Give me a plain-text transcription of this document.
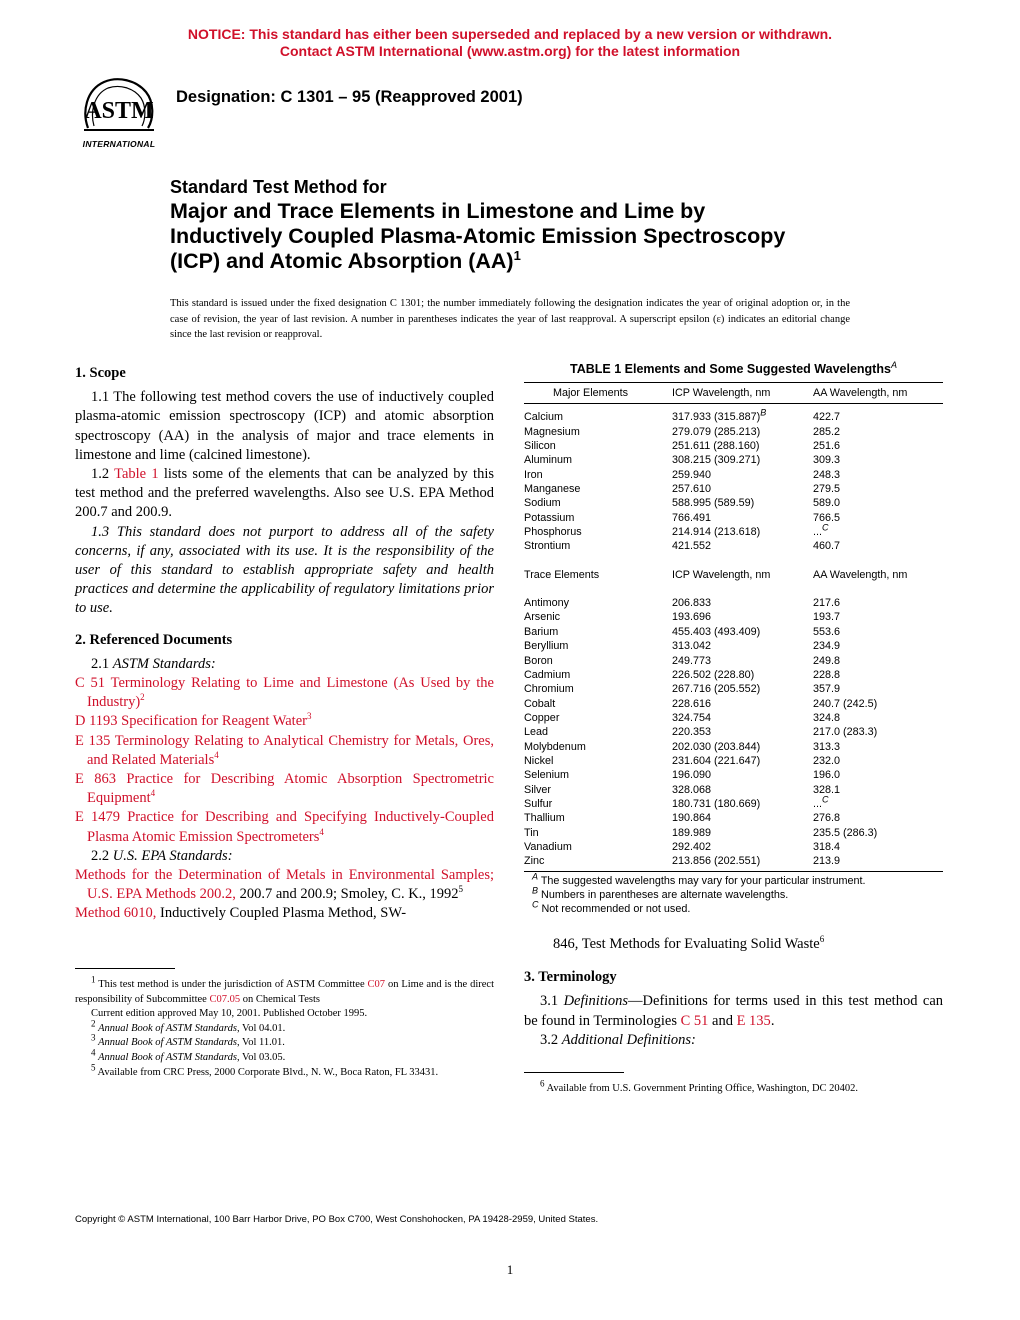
NOTICE: This standard has either been superseded and replaced by a new version or withdrawn.
Contact ASTM International (www.astm.org) for the latest information
ASTM
INTERNATIONAL
Designation: C 1301 – 95 (Reapproved 2001)
Standard Test Method for
Major and Trace Elements in Limestone and Lime by
Inductively Coupled Plasma-Atomic Emission Spectroscopy
(ICP) and Atomic Absorption (AA)$^1$
This standard is issued under the fixed designation C 1301; the number immediately following the designation indicates the year of original adoption or, in the case of revision, the year of last revision. A number in parentheses indicates the year of last reapproval. A superscript epsilon (ε) indicates an editorial change since the last revision or reapproval.

1. Scope

1.1 The following test method covers the use of inductively coupled plasma-atomic emission spectroscopy (ICP) and atomic absorption spectroscopy (AA) in the analysis of major and trace elements in limestone and lime (calcined limestone).

1.2 Table 1 lists some of the elements that can be analyzed by this test method and the preferred wavelengths. Also see U.S. EPA Method 200.7 and 200.9.

1.3 This standard does not purport to address all of the safety concerns, if any, associated with its use. It is the responsibility of the user of this standard to establish appropriate safety and health practices and determine the applicability of regulatory limitations prior to use.

2. Referenced Documents

2.1 ASTM Standards:

C 51 Terminology Relating to Lime and Limestone (As Used by the Industry)$^2$

D 1193 Specification for Reagent Water$^3$

E 135 Terminology Relating to Analytical Chemistry for Metals, Ores, and Related Materials$^4$

E 863 Practice for Describing Atomic Absorption Spectrometric Equipment$^4$

E 1479 Practice for Describing and Specifying Inductively-Coupled Plasma Atomic Emission Spectrometers$^4$

2.2 U.S. EPA Standards:

Methods for the Determination of Metals in Environmental Samples; U.S. EPA Methods 200.2, 200.7 and 200.9; Smoley, C. K., 1992$^5$

Method 6010, Inductively Coupled Plasma Method, SW-

$^1$ This test method is under the jurisdiction of ASTM Committee C07 on Lime and is the direct responsibility of Subcommittee C07.05 on Chemical Tests

Current edition approved May 10, 2001. Published October 1995.

$^2$ Annual Book of ASTM Standards, Vol 04.01.

$^3$ Annual Book of ASTM Standards, Vol 11.01.

$^4$ Annual Book of ASTM Standards, Vol 03.05.

$^5$ Available from CRC Press, 2000 Corporate Blvd., N. W., Boca Raton, FL 33431.

TABLE 1 Elements and Some Suggested Wavelengths$^A$
Major Elements	ICP Wavelength, nm	AA Wavelength, nm
Calcium	317.933 $(315.887)^B$	422.7
Magnesium	279.079 (285.213)	285.2
Silicon	251.611 (288.160)	251.6
Aluminum	308.215 (309.271)	309.3
Iron	259.940	248.3
Manganese	257.610	279.5
Sodium	588.995 (589.59)	589.0
Potassium	766.491	766.5
Phosphorus	214.914 (213.618)	...$^C$
Strontium	421.552	460.7

Trace Elements	ICP Wavelength, nm	AA Wavelength, nm

Antimony	206.833	217.6
Arsenic	193.696	193.7
Barium	455.403 (493.409)	553.6
Beryllium	313.042	234.9
Boron	249.773	249.8
Cadmium	226.502 (228.80)	228.8
Chromium	267.716 (205.552)	357.9
Cobalt	228.616	240.7 (242.5)
Copper	324.754	324.8
Lead	220.353	217.0 (283.3)
Molybdenum	202.030 (203.844)	313.3
Nickel	231.604 (221.647)	232.0
Selenium	196.090	196.0
Silver	328.068	328.1
Sulfur	180.731 (180.669)	...$^C$
Thallium	190.864	276.8
Tin	189.989	235.5 (286.3)
Vanadium	292.402	318.4
Zinc	213.856 (202.551)	213.9

$^A$ The suggested wavelengths may vary for your particular instrument.

$^B$ Numbers in parentheses are alternate wavelengths.

$^C$ Not recommended or not used.

846, Test Methods for Evaluating Solid Waste$^6$

3. Terminology

3.1 Definitions—Definitions for terms used in this test method can be found in Terminologies C 51 and E 135.

3.2 Additional Definitions:

$^6$ Available from U.S. Government Printing Office, Washington, DC 20402.

Copyright © ASTM International, 100 Barr Harbor Drive, PO Box C700, West Conshohocken, PA 19428-2959, United States.
1
